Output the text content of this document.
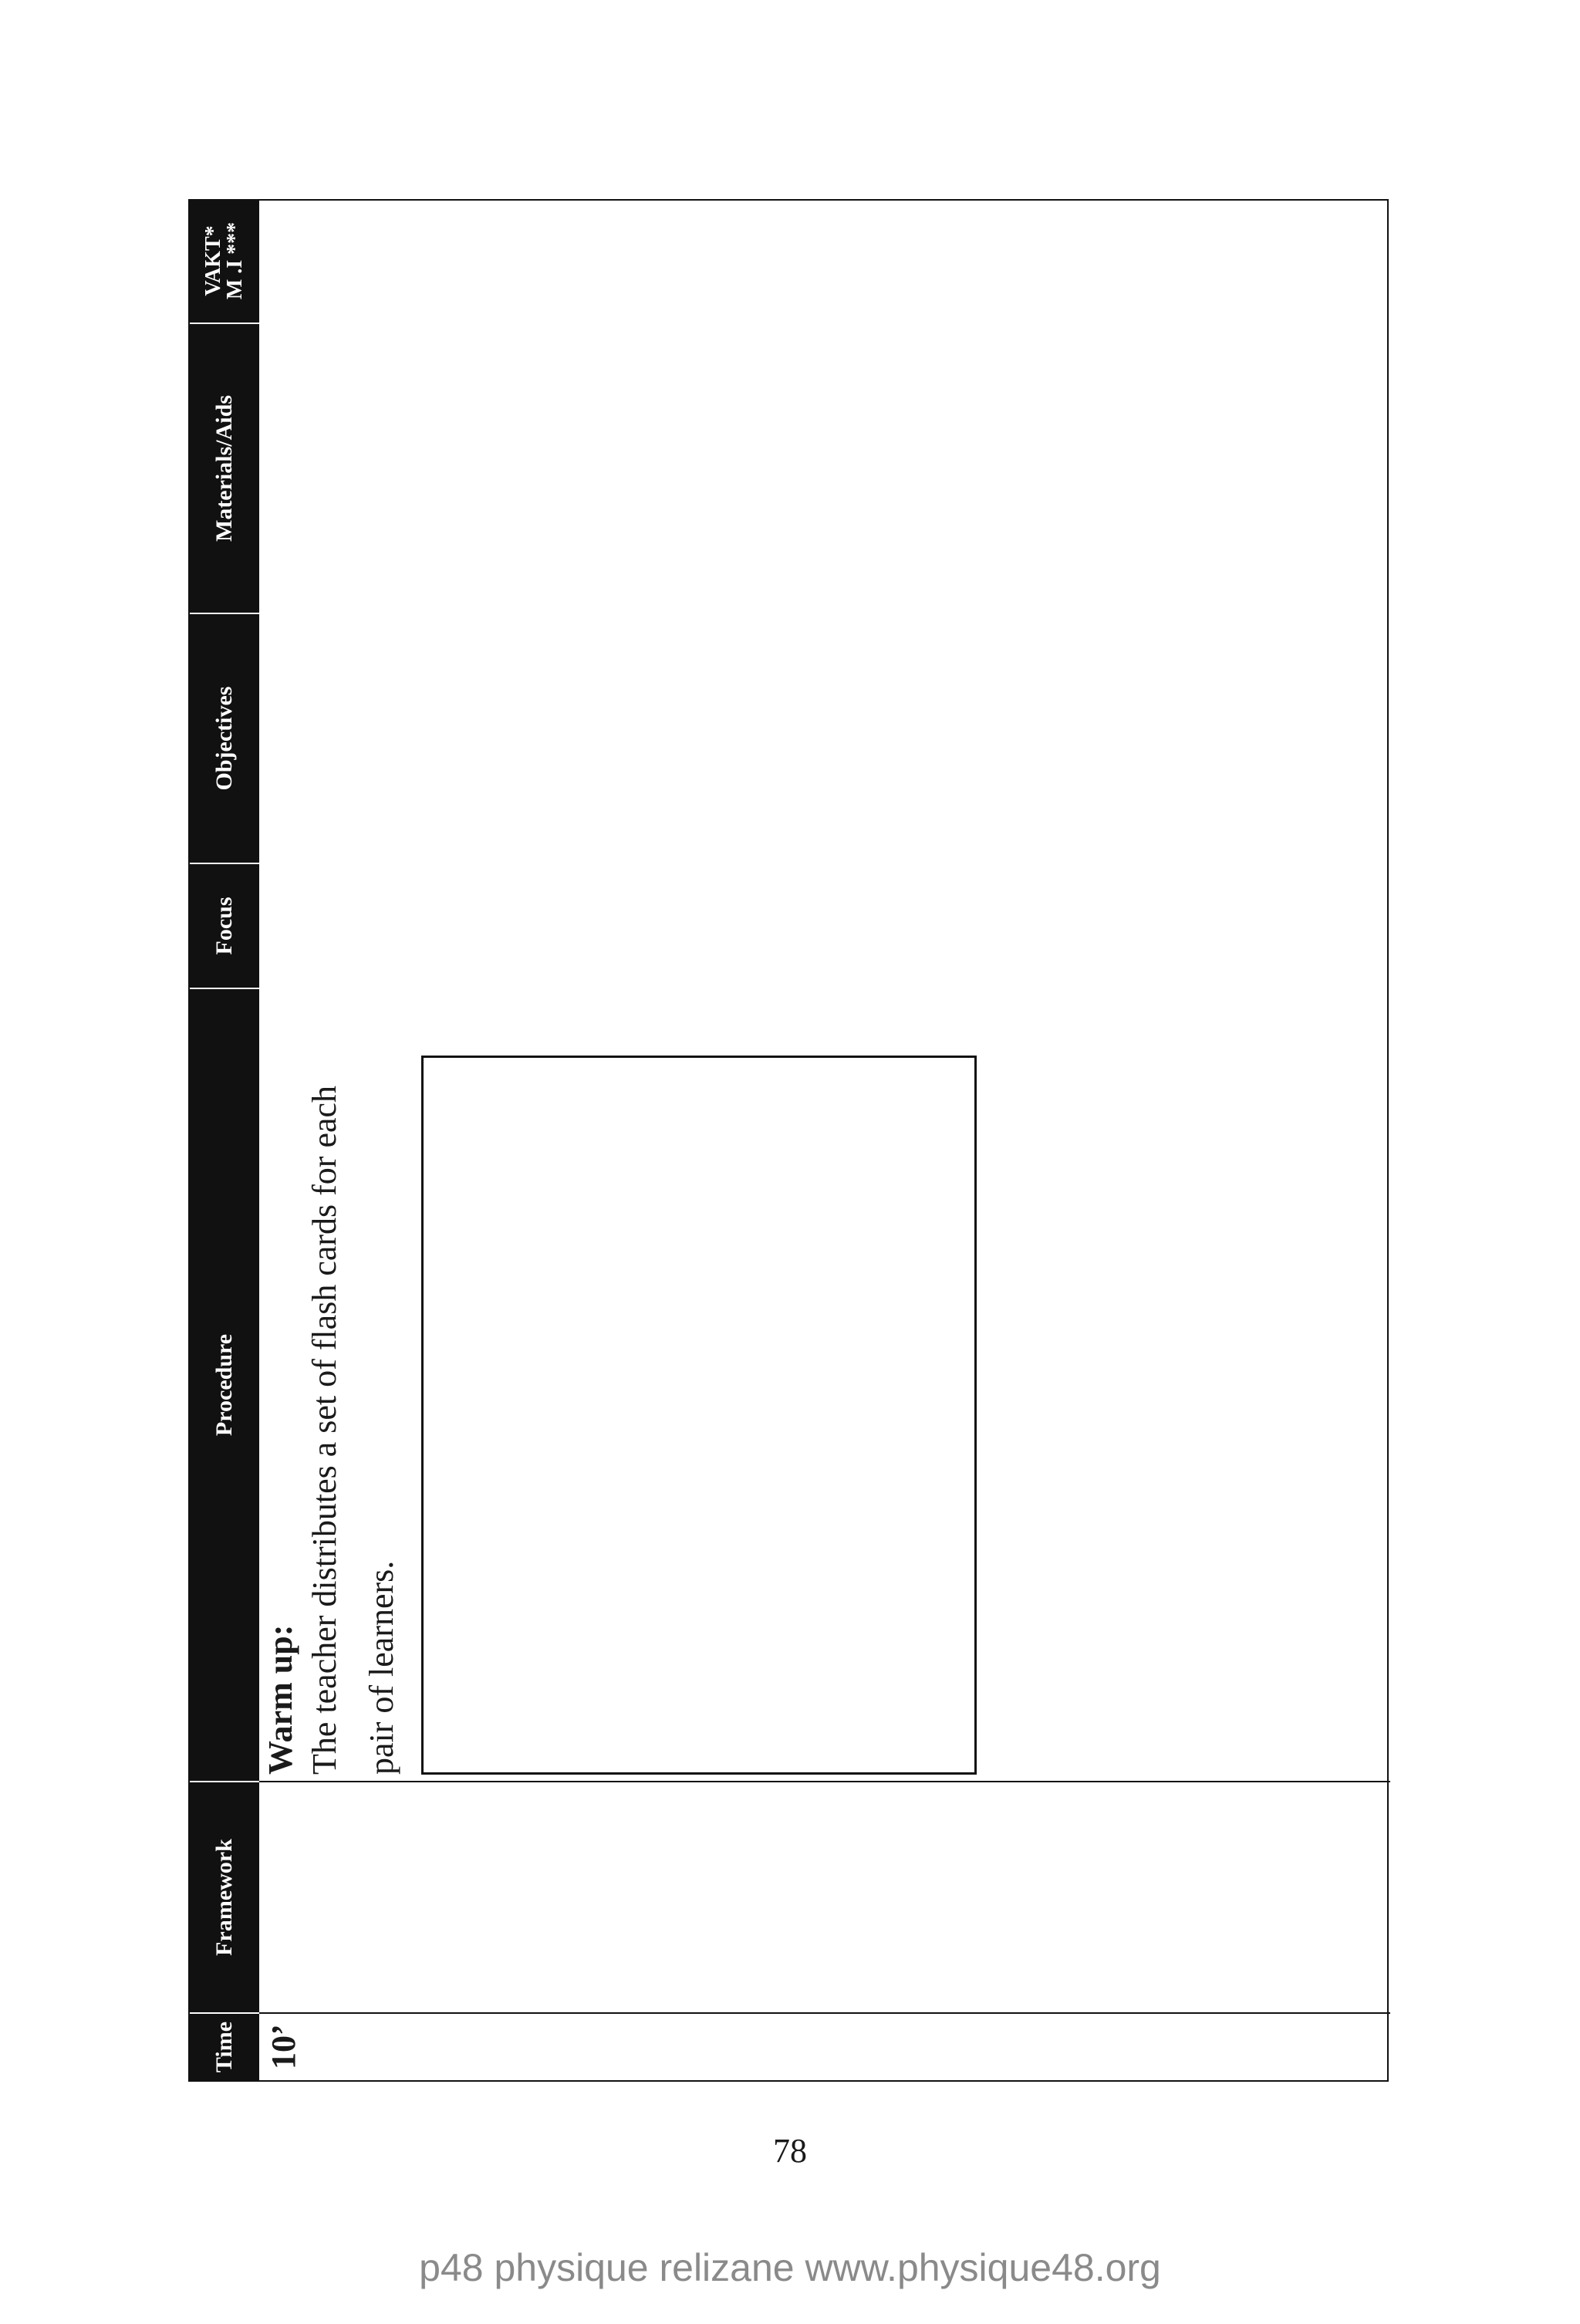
Time
Framework
Procedure
Focus
Objectives
Materials/Aids
VAKT*
M .I ***
10’
Warm up: The teacher distributes a set of flash cards for each pair of learners.
78
p48 physique relizane www.physique48.org
